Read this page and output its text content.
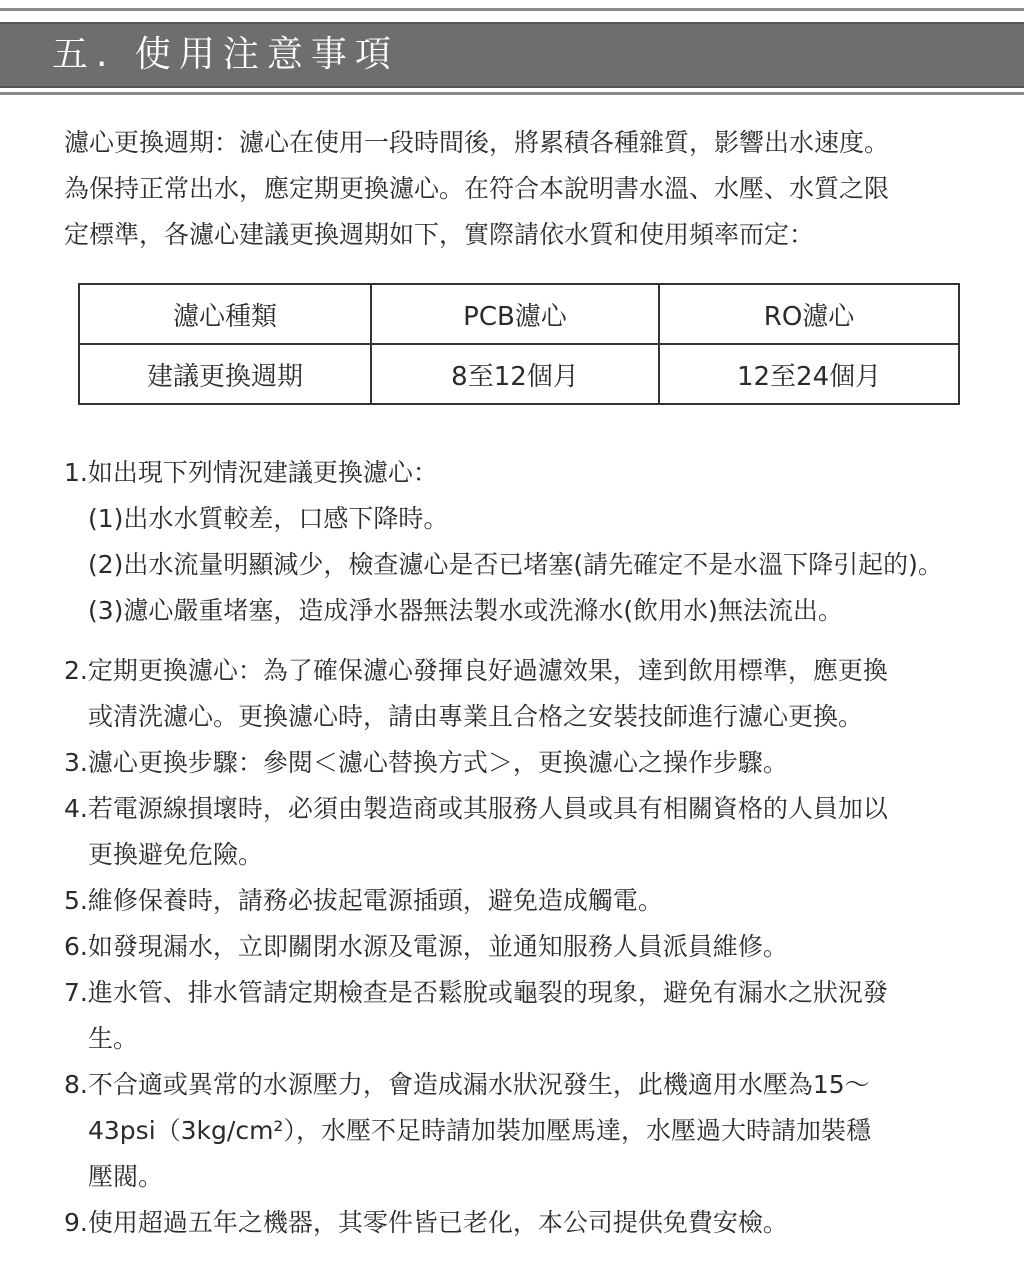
五. 使用注意事項
濾心更換週期：濾心在使用一段時間後，將累積各種雜質，影響出水速度。
為保持正常出水，應定期更換濾心。在符合本說明書水溫、水壓、水質之限
定標準，各濾心建議更換週期如下，實際請依水質和使用頻率而定：
濾心種類	PCB濾心	RO濾心
建議更換週期	8至12個月	12至24個月
1.如出現下列情況建議更換濾心：
(1)出水水質較差，口感下降時。
(2)出水流量明顯減少，檢查濾心是否已堵塞(請先確定不是水溫下降引起的)。
(3)濾心嚴重堵塞，造成淨水器無法製水或洗滌水(飲用水)無法流出。
2.定期更換濾心：為了確保濾心發揮良好過濾效果，達到飲用標準，應更換
或清洗濾心。更換濾心時，請由專業且合格之安裝技師進行濾心更換。
3.濾心更換步驟：參閱＜濾心替換方式＞，更換濾心之操作步驟。
4.若電源線損壞時，必須由製造商或其服務人員或具有相關資格的人員加以
更換避免危險。
5.維修保養時，請務必拔起電源插頭，避免造成觸電。
6.如發現漏水，立即關閉水源及電源，並通知服務人員派員維修。
7.進水管、排水管請定期檢查是否鬆脫或龜裂的現象，避免有漏水之狀況發
生。
8.不合適或異常的水源壓力，會造成漏水狀況發生，此機適用水壓為15～
43psi（3kg/cm²），水壓不足時請加裝加壓馬達，水壓過大時請加裝穩
壓閥。
9.使用超過五年之機器，其零件皆已老化，本公司提供免費安檢。
